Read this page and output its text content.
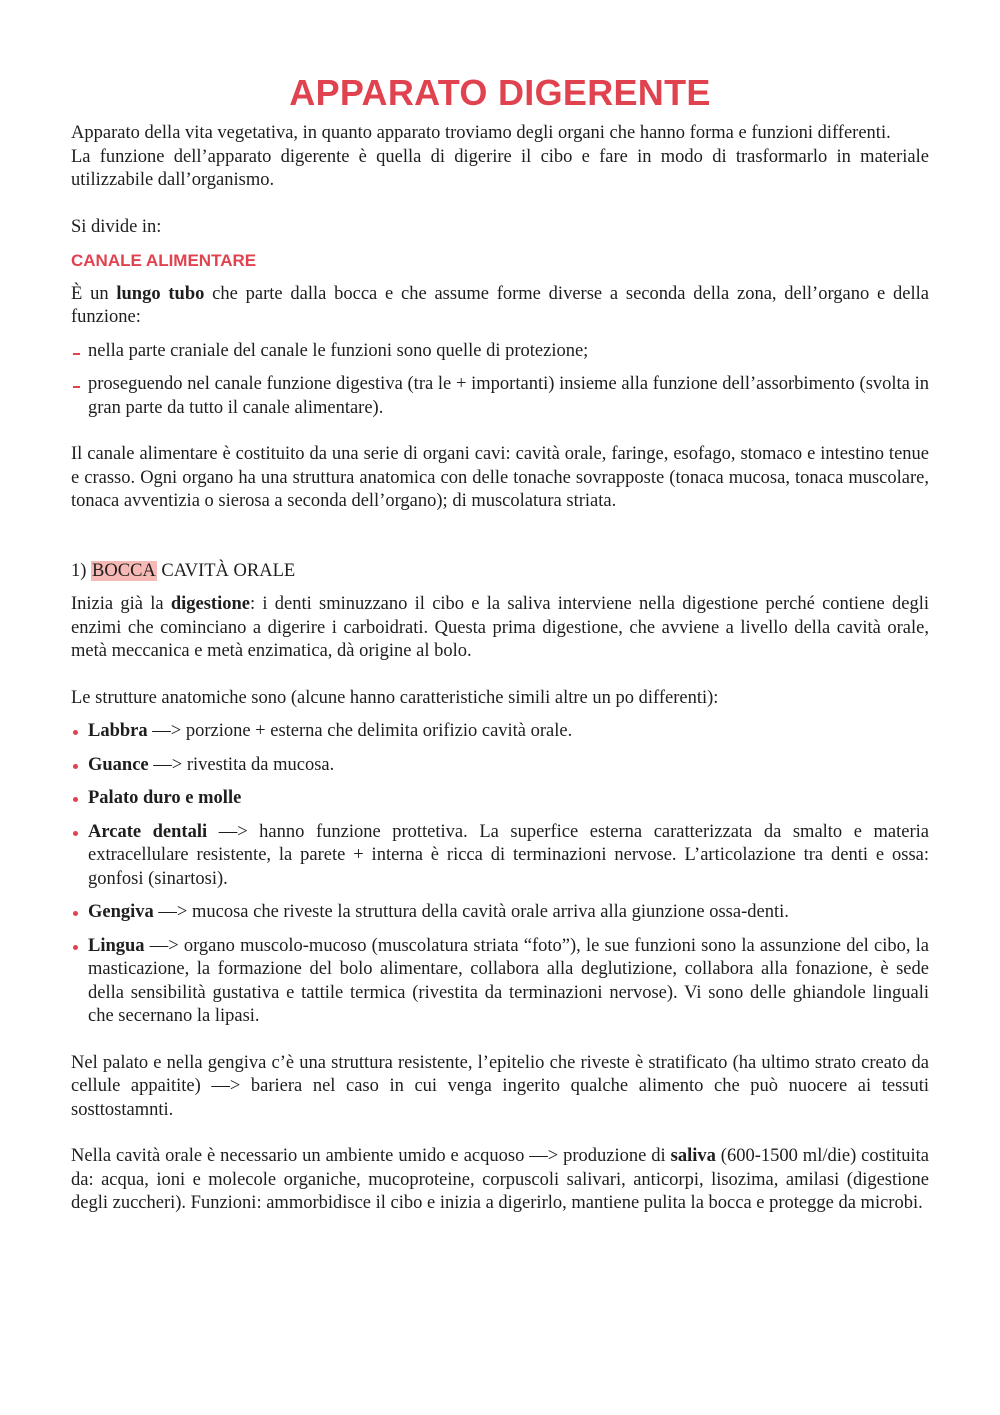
APPARATO DIGERENTE

Apparato della vita vegetativa, in quanto apparato troviamo degli organi che hanno forma e funzioni differenti.

La funzione dell’apparato digerente è quella di digerire il cibo e fare in modo di trasformarlo in materiale utilizzabile dall’organismo.

Si divide in:

CANALE ALIMENTARE

È un lungo tubo che parte dalla bocca e che assume forme diverse a seconda della zona, dell’organo e della funzione:

nella parte craniale del canale le funzioni sono quelle di protezione;
proseguendo nel canale funzione digestiva (tra le + importanti) insieme alla funzione dell’assorbimento (svolta in gran parte da tutto il canale alimentare).

Il canale alimentare è costituito da una serie di organi cavi: cavità orale, faringe, esofago, stomaco e intestino tenue e crasso. Ogni organo ha una struttura anatomica con delle tonache sovrapposte (tonaca mucosa, tonaca muscolare, tonaca avventizia o sierosa a seconda dell’organo); di muscolatura striata.

1) BOCCA CAVITÀ ORALE

Inizia già la digestione: i denti sminuzzano il cibo e la saliva interviene nella digestione perché contiene degli enzimi che cominciano a digerire i carboidrati. Questa prima digestione, che avviene a livello della cavità orale, metà meccanica e metà enzimatica, dà origine al bolo.

Le strutture anatomiche sono (alcune hanno caratteristiche simili altre un po differenti):

Labbra —> porzione + esterna che delimita orifizio cavità orale.
Guance —> rivestita da mucosa.
Palato duro e molle
Arcate dentali —> hanno funzione prottetiva. La superfice esterna caratterizzata da smalto e materia extracellulare resistente, la parete + interna è ricca di terminazioni nervose. L’articolazione tra denti e ossa: gonfosi (sinartosi).
Gengiva —> mucosa che riveste la struttura della cavità orale arriva alla giunzione ossa-denti.
Lingua —> organo muscolo-mucoso (muscolatura striata “foto”), le sue funzioni sono la assunzione del cibo, la masticazione, la formazione del bolo alimentare, collabora alla deglutizione, collabora alla fonazione, è sede della sensibilità gustativa e tattile termica (rivestita da terminazioni nervose). Vi sono delle ghiandole linguali che secernano la lipasi.

Nel palato e nella gengiva c’è una struttura resistente, l’epitelio che riveste è stratificato (ha ultimo strato creato da cellule appaitite) —> bariera nel caso in cui venga ingerito qualche alimento che può nuocere ai tessuti sosttostamnti.

Nella cavità orale è necessario un ambiente umido e acquoso —> produzione di saliva (600-1500 ml/die) costituita da: acqua, ioni e molecole organiche, mucoproteine, corpuscoli salivari, anticorpi, lisozima, amilasi (digestione degli zuccheri). Funzioni: ammorbidisce il cibo e inizia a digerirlo, mantiene pulita la bocca e protegge da microbi.
